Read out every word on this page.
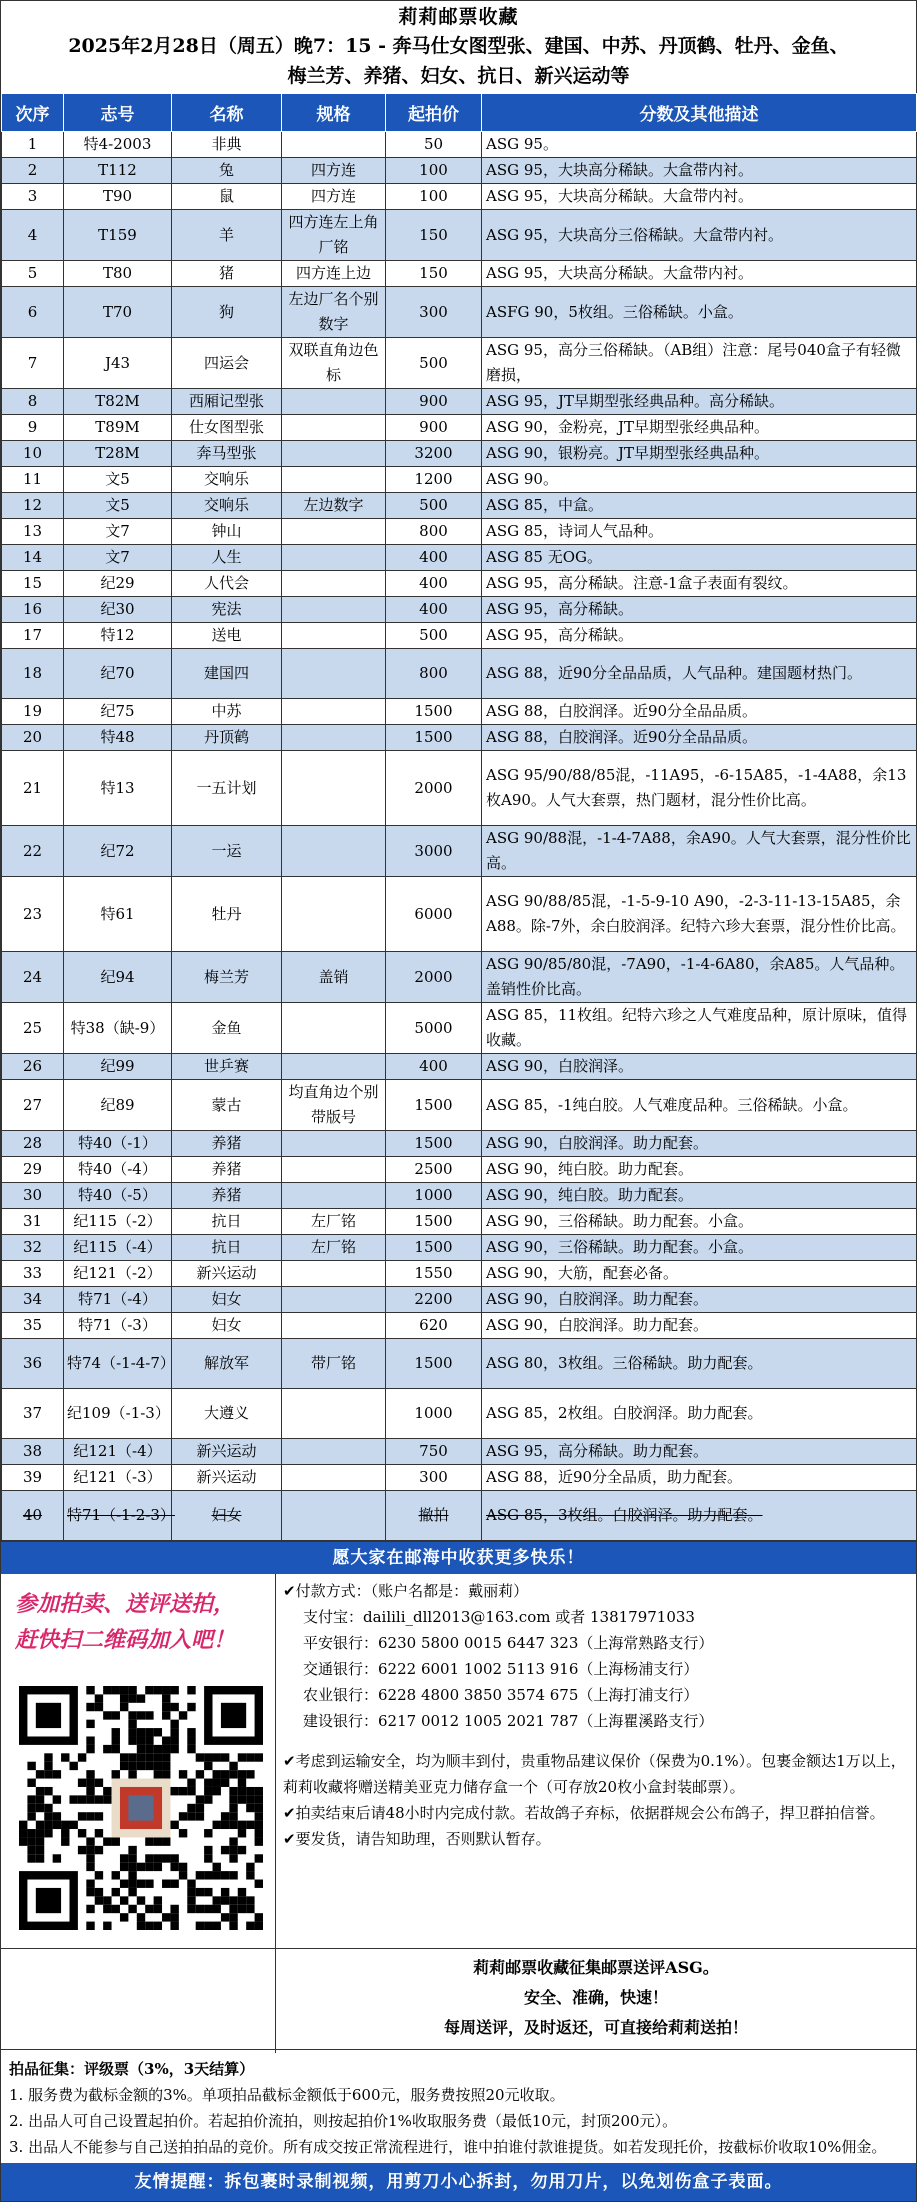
莉莉邮票收藏
2025年2月28日（周五）晚7：15 - 奔马仕女图型张、建国、中苏、丹顶鹤、牡丹、金鱼、
梅兰芳、养猪、妇女、抗日、新兴运动等
次序	志号	名称	规格	起拍价	分数及其他描述
1	特4-2003	非典		50	ASG 95。
2	T112	兔	四方连	100	ASG 95，大块高分稀缺。大盒带内衬。
3	T90	鼠	四方连	100	ASG 95，大块高分稀缺。大盒带内衬。
4	T159	羊	四方连左上角厂铭	150	ASG 95，大块高分三俗稀缺。大盒带内衬。
5	T80	猪	四方连上边	150	ASG 95，大块高分稀缺。大盒带内衬。
6	T70	狗	左边厂名个别数字	300	ASFG 90，5枚组。三俗稀缺。小盒。
7	J43	四运会	双联直角边色标	500	ASG 95，高分三俗稀缺。（AB组）注意：尾号040盒子有轻微磨损，
8	T82M	西厢记型张		900	ASG 95，JT早期型张经典品种。高分稀缺。
9	T89M	仕女图型张		900	ASG 90，金粉亮，JT早期型张经典品种。
10	T28M	奔马型张		3200	ASG 90，银粉亮。JT早期型张经典品种。
11	文5	交响乐		1200	ASG 90。
12	文5	交响乐	左边数字	500	ASG 85，中盒。
13	文7	钟山		800	ASG 85，诗词人气品种。
14	文7	人生		400	ASG 85 无OG。
15	纪29	人代会		400	ASG 95，高分稀缺。注意-1盒子表面有裂纹。
16	纪30	宪法		400	ASG 95，高分稀缺。
17	特12	送电		500	ASG 95，高分稀缺。
18	纪70	建国四		800	ASG 88，近90分全品品质，人气品种。建国题材热门。
19	纪75	中苏		1500	ASG 88，白胶润泽。近90分全品品质。
20	特48	丹顶鹤		1500	ASG 88，白胶润泽。近90分全品品质。
21	特13	一五计划		2000	ASG 95/90/88/85混，-11A95，-6-15A85，-1-4A88，余13枚A90。人气大套票，热门题材，混分性价比高。
22	纪72	一运		3000	ASG 90/88混，-1-4-7A88，余A90。人气大套票，混分性价比高。
23	特61	牡丹		6000	ASG 90/88/85混，-1-5-9-10 A90，-2-3-11-13-15A85，余A88。除-7外，余白胶润泽。纪特六珍大套票，混分性价比高。
24	纪94	梅兰芳	盖销	2000	ASG 90/85/80混，-7A90，-1-4-6A80，余A85。人气品种。盖销性价比高。
25	特38（缺-9）	金鱼		5000	ASG 85，11枚组。纪特六珍之人气难度品种，原计原味，值得收藏。
26	纪99	世乒赛		400	ASG 90，白胶润泽。
27	纪89	蒙古	均直角边个别带版号	1500	ASG 85，-1纯白胶。人气难度品种。三俗稀缺。小盒。
28	特40（-1）	养猪		1500	ASG 90，白胶润泽。助力配套。
29	特40（-4）	养猪		2500	ASG 90，纯白胶。助力配套。
30	特40（-5）	养猪		1000	ASG 90，纯白胶。助力配套。
31	纪115（-2）	抗日	左厂铭	1500	ASG 90，三俗稀缺。助力配套。小盒。
32	纪115（-4）	抗日	左厂铭	1500	ASG 90，三俗稀缺。助力配套。小盒。
33	纪121（-2）	新兴运动		1550	ASG 90，大筋，配套必备。
34	特71（-4）	妇女		2200	ASG 90，白胶润泽。助力配套。
35	特71（-3）	妇女		620	ASG 90，白胶润泽。助力配套。
36	特74（-1-4-7）	解放军	带厂铭	1500	ASG 80，3枚组。三俗稀缺。助力配套。
37	纪109（-1-3）	大遵义		1000	ASG 85，2枚组。白胶润泽。助力配套。
38	纪121（-4）	新兴运动		750	ASG 95，高分稀缺。助力配套。
39	纪121（-3）	新兴运动		300	ASG 88，近90分全品质，助力配套。
40	特71（-1-2-3）	妇女		撤拍	ASG 85，3枚组。白胶润泽。助力配套。
愿大家在邮海中收获更多快乐！
参加拍卖、送评送拍，
赶快扫二维码加入吧！
✔付款方式：（账户名都是：戴丽莉）
支付宝：dailili_dll2013@163.com 或者 13817971033
平安银行：6230 5800 0015 6447 323（上海常熟路支行）
交通银行：6222 6001 1002 5113 916（上海杨浦支行）
农业银行：6228 4800 3850 3574 675（上海打浦支行）
建设银行：6217 0012 1005 2021 787（上海瞿溪路支行）

✔考虑到运输安全，均为顺丰到付，贵重物品建议保价（保费为0.1%）。包裹金额达1万以上，莉莉收藏将赠送精美亚克力储存盒一个（可存放20枚小盒封装邮票）。

✔拍卖结束后请48小时内完成付款。若故鸽子弃标，依据群规会公布鸽子，捍卫群拍信誉。

✔要发货，请告知助理，否则默认暂存。

莉莉邮票收藏征集邮票送评ASG。
安全、准确，快速！
每周送评，及时返还，可直接给莉莉送拍！
拍品征集：评级票（3%，3天结算）
1. 服务费为截标金额的3%。单项拍品截标金额低于600元，服务费按照20元收取。
2. 出品人可自己设置起拍价。若起拍价流拍，则按起拍价1%收取服务费（最低10元，封顶200元）。
3. 出品人不能参与自己送拍拍品的竞价。所有成交按正常流程进行，谁中拍谁付款谁提货。如若发现托价，按截标价收取10%佣金。
友情提醒：拆包裹时录制视频，用剪刀小心拆封，勿用刀片，以免划伤盒子表面。
